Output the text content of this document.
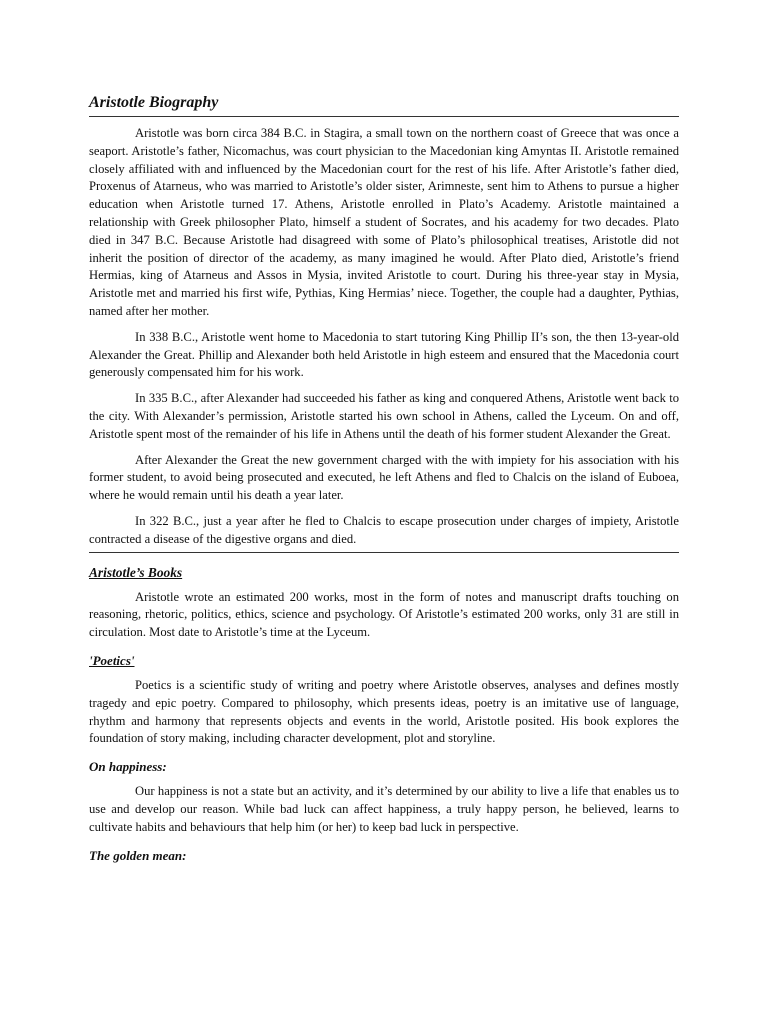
Aristotle Biography

Aristotle was born circa 384 B.C. in Stagira, a small town on the northern coast of Greece that was once a seaport. Aristotle’s father, Nicomachus, was court physician to the Macedonian king Amyntas II. Aristotle remained closely affiliated with and influenced by the Macedonian court for the rest of his life. After Aristotle’s father died, Proxenus of Atarneus, who was married to Aristotle’s older sister, Arimneste, sent him to Athens to pursue a higher education when Aristotle turned 17. Athens, Aristotle enrolled in Plato’s Academy. Aristotle maintained a relationship with Greek philosopher Plato, himself a student of Socrates, and his academy for two decades. Plato died in 347 B.C. Because Aristotle had disagreed with some of Plato’s philosophical treatises, Aristotle did not inherit the position of director of the academy, as many imagined he would. After Plato died, Aristotle’s friend Hermias, king of Atarneus and Assos in Mysia, invited Aristotle to court. During his three-year stay in Mysia, Aristotle met and married his first wife, Pythias, King Hermias’ niece. Together, the couple had a daughter, Pythias, named after her mother.

In 338 B.C., Aristotle went home to Macedonia to start tutoring King Phillip II’s son, the then 13-year-old Alexander the Great. Phillip and Alexander both held Aristotle in high esteem and ensured that the Macedonia court generously compensated him for his work.

In 335 B.C., after Alexander had succeeded his father as king and conquered Athens, Aristotle went back to the city. With Alexander’s permission, Aristotle started his own school in Athens, called the Lyceum. On and off, Aristotle spent most of the remainder of his life in Athens until the death of his former student Alexander the Great.

After Alexander the Great the new government charged with the with impiety for his association with his former student, to avoid being prosecuted and executed, he left Athens and fled to Chalcis on the island of Euboea, where he would remain until his death a year later.

In 322 B.C., just a year after he fled to Chalcis to escape prosecution under charges of impiety, Aristotle contracted a disease of the digestive organs and died.

Aristotle’s Books

Aristotle wrote an estimated 200 works, most in the form of notes and manuscript drafts touching on reasoning, rhetoric, politics, ethics, science and psychology. Of Aristotle’s estimated 200 works, only 31 are still in circulation. Most date to Aristotle’s time at the Lyceum.

'Poetics'

Poetics is a scientific study of writing and poetry where Aristotle observes, analyses and defines mostly tragedy and epic poetry. Compared to philosophy, which presents ideas, poetry is an imitative use of language, rhythm and harmony that represents objects and events in the world, Aristotle posited. His book explores the foundation of story making, including character development, plot and storyline.

On happiness:

Our happiness is not a state but an activity, and it’s determined by our ability to live a life that enables us to use and develop our reason. While bad luck can affect happiness, a truly happy person, he believed, learns to cultivate habits and behaviours that help him (or her) to keep bad luck in perspective.

The golden mean:
